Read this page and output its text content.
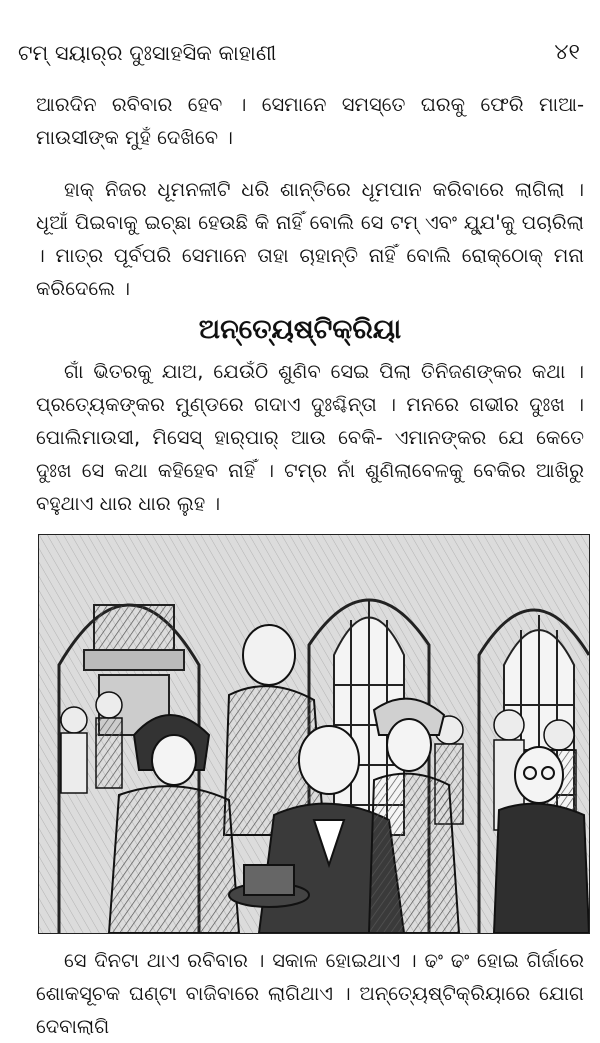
ଟମ୍ ସୟାର୍‌ର ଦୁଃସାହସିକ କାହାଣୀ	୪୧

ଆରଦିନ ରବିବାର ହେବ । ସେମାନେ ସମସ୍ତେ ଘରକୁ ଫେରି ମାଆ-ମାଉସୀଙ୍କ ମୁହଁ ଦେଖିବେ ।

ହାକ୍ ନିଜର ଧୂମନଳୀଟି ଧରି ଶାନ୍ତିରେ ଧୂମପାନ କରିବାରେ ଲାଗିଲା । ଧୂଆଁ ପିଇବାକୁ ଇଚ୍ଛା ହେଉଛି କି ନାହିଁ ବୋଲି ସେ ଟମ୍ ଏବଂ ଯ୍ଯୁ'କୁ ପଚାରିଲା । ମାତ୍ର ପୂର୍ବପରି ସେମାନେ ତାହା ଚାହାନ୍ତି ନାହିଁ ବୋଲି ରୋକ୍‌ଠୋକ୍ ମନା କରିଦେଲେ ।

ଅନ୍ତ୍ୟେଷ୍ଟିକ୍ରିୟା

ଗାଁ ଭିତରକୁ ଯାଅ, ଯେଉଁଠି ଶୁଣିବ ସେଇ ପିଲା ତିନିଜଣଙ୍କର କଥା । ପ୍ରତ୍ୟେକଙ୍କର ମୁଣ୍ଡରେ ଗଦାଏ ଦୁଃଶ୍ଚିନ୍ତା । ମନରେ ଗଭୀର ଦୁଃଖ । ପୋଲିମାଉସୀ, ମିସେସ୍ ହାର୍‌ପାର୍ ଆଉ ବେକି- ଏମାନଙ୍କର ଯେ କେତେ ଦୁଃଖ ସେ କଥା କହିହେବ ନାହିଁ । ଟମ୍‌ର ନାଁ ଶୁଣିଲାବେଳକୁ ବେକିର ଆଖିରୁ ବହୁଥାଏ ଧାର ଧାର ଲୁହ ।

ସେ ଦିନଟା ଥାଏ ରବିବାର । ସକାଳ ହୋଇଥାଏ । ଢଂ ଢଂ ହୋଇ ଗିର୍ଜାରେ ଶୋକସୂଚକ ଘଣ୍ଟା ବାଜିବାରେ ଲାଗିଥାଏ । ଅନ୍ତ୍ୟେଷ୍ଟିକ୍ରିୟାରେ ଯୋଗ ଦେବାଲାଗି
